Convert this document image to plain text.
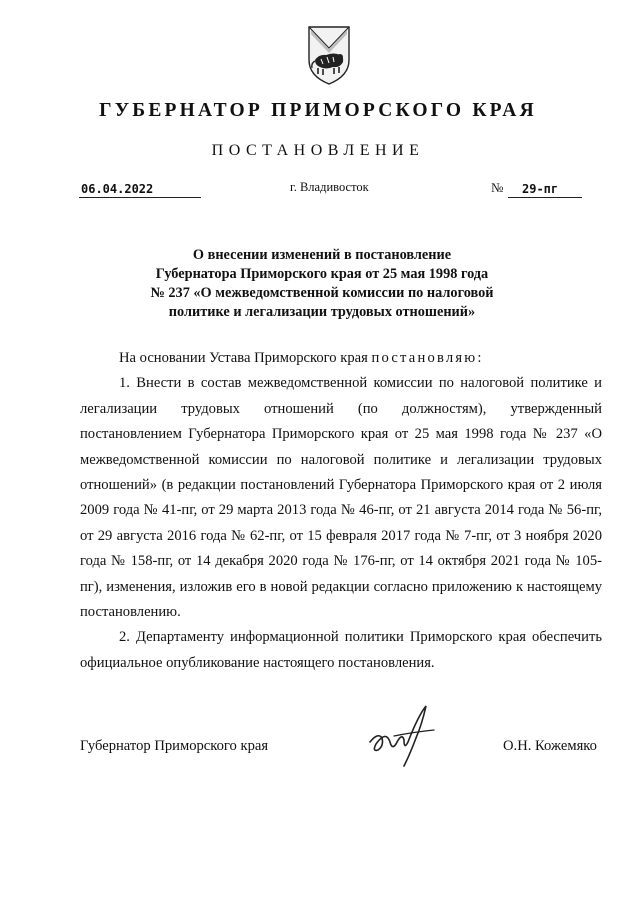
ГУБЕРНАТОР ПРИМОРСКОГО КРАЯ
ПОСТАНОВЛЕНИЕ
06.04.2022	г. Владивосток	№ 29-пг
О внесении изменений в постановление
Губернатора Приморского края от 25 мая 1998 года
№ 237 «О межведомственной комиссии по налоговой
политике и легализации трудовых отношений»

На основании Устава Приморского края постановляю:

1. Внести в состав межведомственной комиссии по налоговой политике и легализации трудовых отношений (по должностям), утвержденный постановлением Губернатора Приморского края от 25 мая 1998 года № 237 «О межведомственной комиссии по налоговой политике и легализации трудовых отношений» (в редакции постановлений Губернатора Приморского края от 2 июля 2009 года № 41-пг, от 29 марта 2013 года № 46-пг, от 21 августа 2014 года № 56-пг, от 29 августа 2016 года № 62-пг, от 15 февраля 2017 года № 7-пг, от 3 ноября 2020 года № 158-пг, от 14 декабря 2020 года № 176-пг, от 14 октября 2021 года № 105-пг), изменения, изложив его в новой редакции согласно приложению к настоящему постановлению.

2. Департаменту информационной политики Приморского края обеспечить официальное опубликование настоящего постановления.

Губернатор Приморского края	О.Н. Кожемяко
